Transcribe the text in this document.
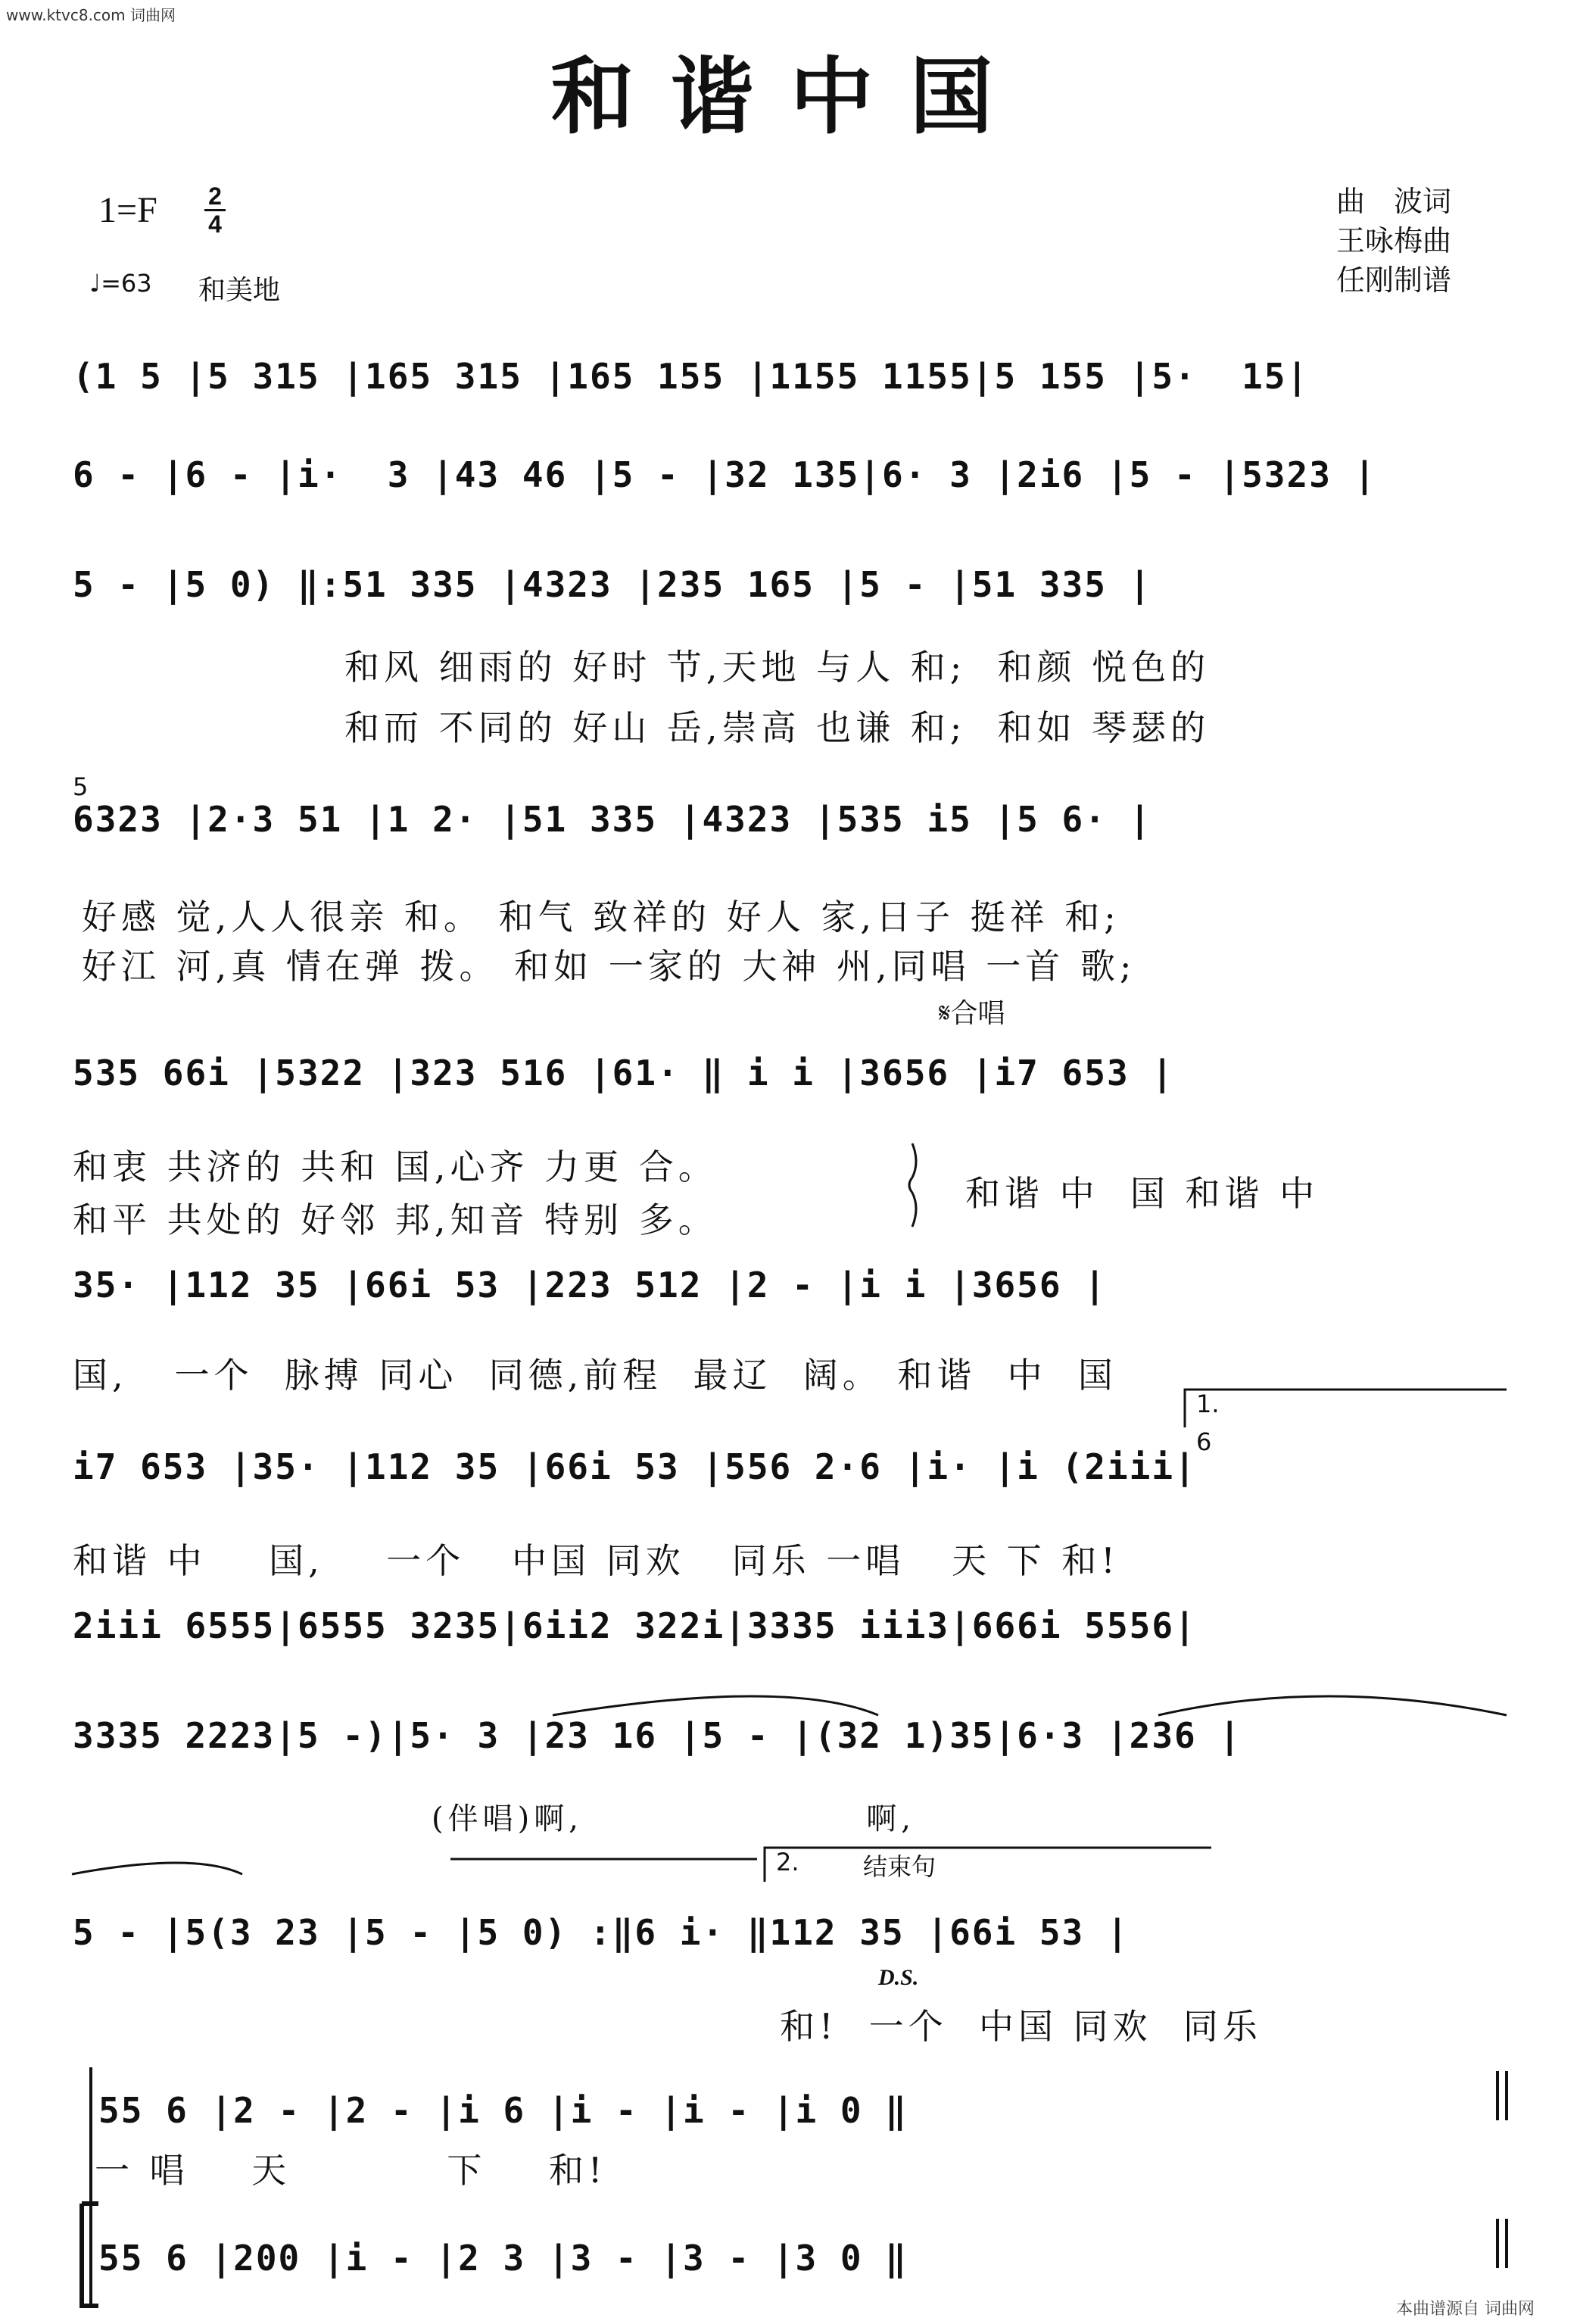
www.ktvc8.com 词曲网
和谐中国
1=F 2
4
♩=63 和美地
曲　波词
王咏梅曲
任刚制谱
(1 5 |5 315 |165 315 |165 155 |1155 1155|5 155 |5·  15|
6 - |6 - |i·  3 |43 46 |5 - |32 135|6· 3 |2i6 |5 - |5323 |
5 - |5 0) ‖:51 335 |4323 |235 165 |5 - |51 335 |
和风 细雨的 好时 节,天地 与人 和;  和颜 悦色的
和而 不同的 好山 岳,崇高 也谦 和;  和如 琴瑟的
5
6323 |2·3 51 |1 2· |51 335 |4323 |535 i5 |5 6· |
好感 觉,人人很亲 和。 和气 致祥的 好人 家,日子 挺祥 和;
好江 河,真 情在弹 拨。 和如 一家的 大神 州,同唱 一首 歌;
𝄋合唱
535 66i |5322 |323 516 |61· ‖ i i |3656 |i7 653 |
和衷 共济的 共和 国,心齐 力更 合。
和平 共处的 好邻 邦,知音 特别 多。
和谐 中  国 和谐 中
35· |112 35 |66i 53 |223 512 |2 - |i i |3656 |
国,   一个  脉搏 同心  同德,前程  最辽  阔。 和谐  中  国
1.
6
i7 653 |35· |112 35 |66i 53 |556 2·6 |i· |i (2iii|
和谐 中    国,    一个   中国 同欢   同乐 一唱   天 下 和!
2iii 6555|6555 3235|6ii2 322i|3335 iii3|666i 5556|
3335 2223|5 -)|5· 3 |23 16 |5 - |(32 1)35|6·3 |236 |
(伴唱)啊,                    啊,
2.	结束句
5 - |5(3 23 |5 - |5 0) :‖6 i· ‖112 35 |66i 53 |
D.S.
和!  一个  中国 同欢  同乐
55 6 |2 - |2 - |i 6 |i - |i - |i 0 ‖
一 唱    天          下    和!
55 6 |200 |i - |2 3 |3 - |3 - |3 0 ‖
本曲谱源自 词曲网
